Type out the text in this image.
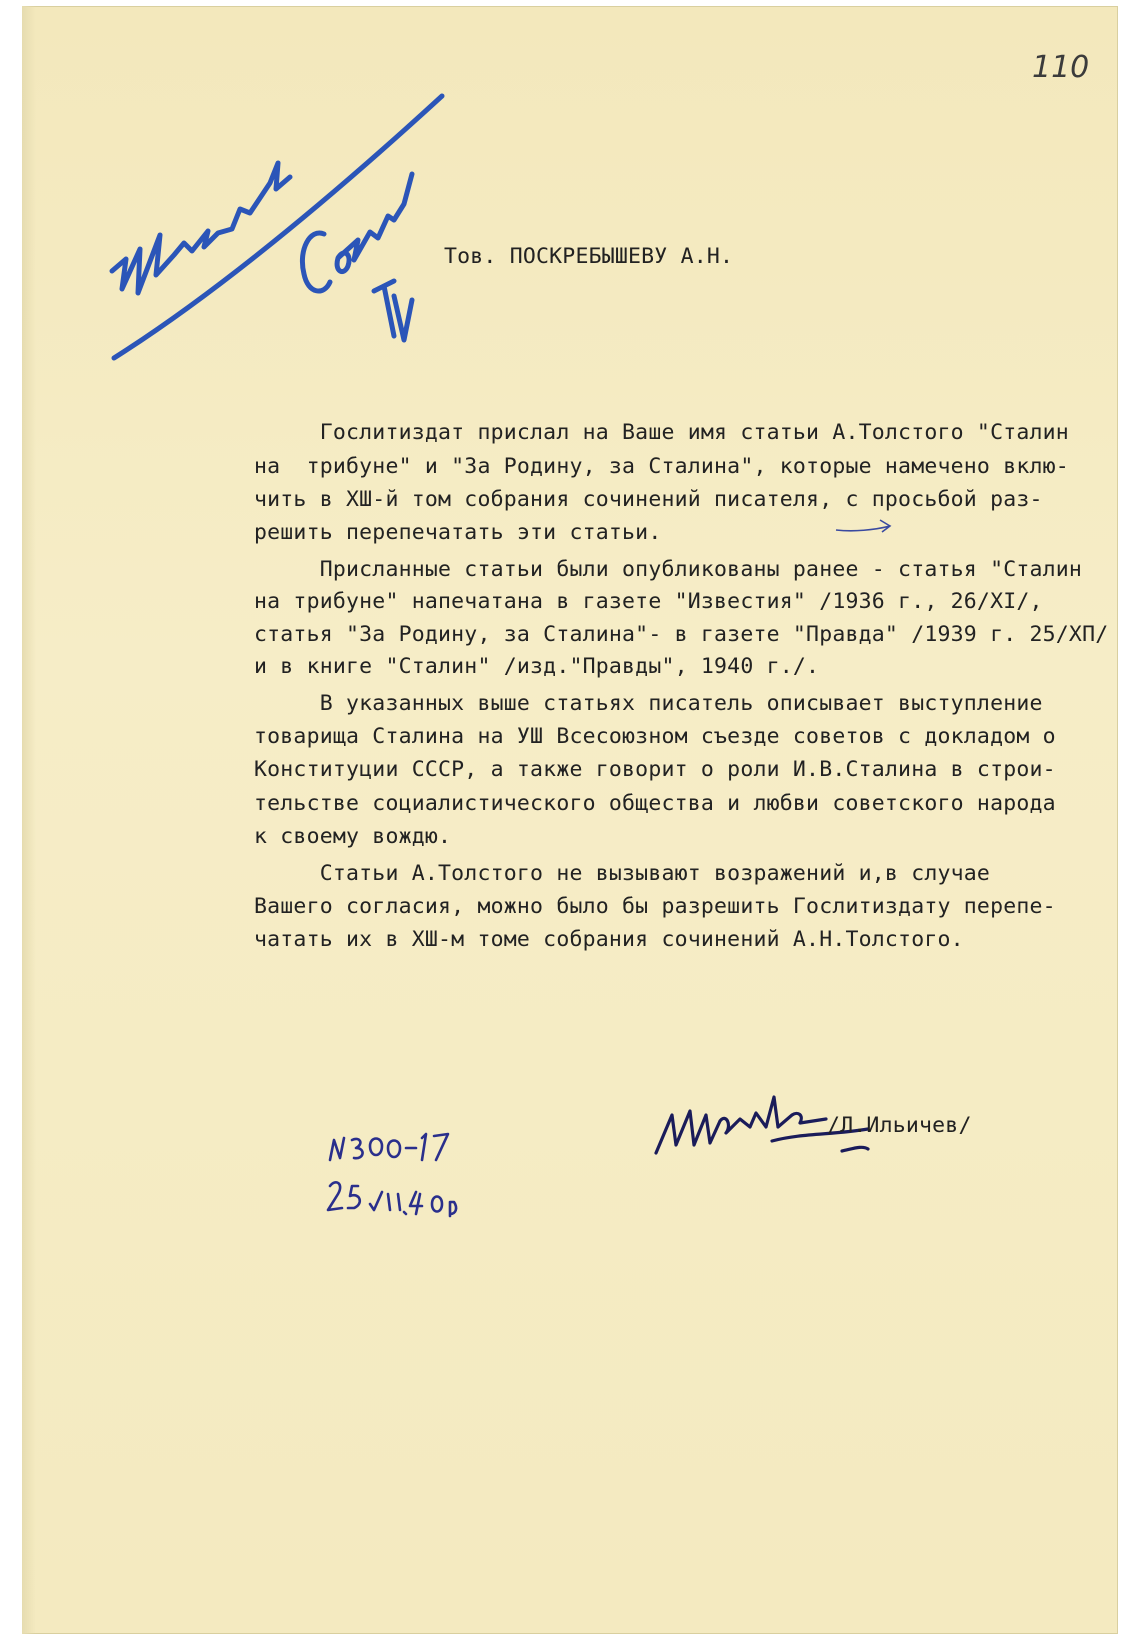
110
Тов. ПОСКРЕБЫШЕВУ А.Н.
Гослитиздат прислал на Ваше имя статьи А.Толстого "Сталин
на  трибуне" и "За Родину, за Сталина", которые намечено вклю-
чить в ХШ-й том собрания сочинений писателя, с просьбой раз-
решить перепечатать эти статьи.
Присланные статьи были опубликованы ранее - статья "Сталин
на трибуне" напечатана в газете "Известия" /1936 г., 26/XI/,
статья "За Родину, за Сталина"- в газете "Правда" /1939 г. 25/ХП/
и в книге "Сталин" /изд."Правды", 1940 г./.
В указанных выше статьях писатель описывает выступление
товарища Сталина на УШ Всесоюзном съезде советов с докладом о
Конституции СССР, а также говорит о роли И.В.Сталина в строи-
тельстве социалистического общества и любви советского народа
к своему вождю.
Статьи А.Толстого не вызывают возражений и,в случае
Вашего согласия, можно было бы разрешить Гослитиздату перепе-
чатать их в ХШ-м томе собрания сочинений А.Н.Толстого.
/Л.Ильичев/
